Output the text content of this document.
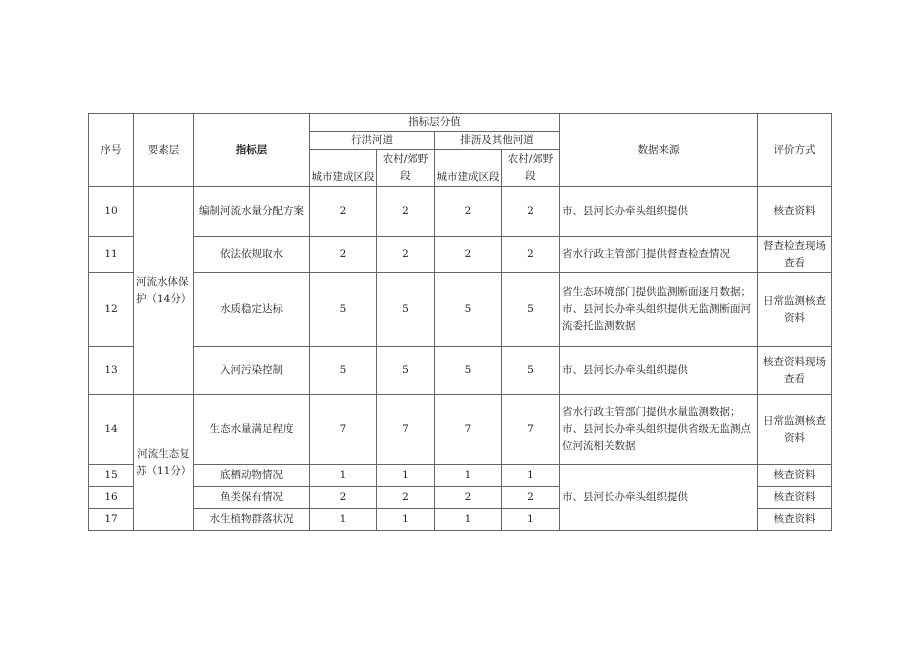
序号	要素层	指标层	指标层分值				数据来源	评价方式
			行洪河道		排沥及其他河道			
			城市建成区段	农村/郊野段	城市建成区段	农村/郊野段		
10	河流水体保护（14分）	编制河流水量分配方案	2	2	2	2	市、县河长办牵头组织提供	核查资料
11		依法依规取水	2	2	2	2	省水行政主管部门提供督查检查情况	督查检查现场查看
12		水质稳定达标	5	5	5	5	省生态环境部门提供监测断面逐月数据；市、县河长办牵头组织提供无监测断面河流委托监测数据	日常监测核查资料
13		入河污染控制	5	5	5	5	市、县河长办牵头组织提供	核查资料现场查看
14	河流生态复苏（11分）	生态水量满足程度	7	7	7	7	省水行政主管部门提供水量监测数据；市、县河长办牵头组织提供省级无监测点位河流相关数据	日常监测核查资料
15		底栖动物情况	1	1	1	1	市、县河长办牵头组织提供	核查资料
16		鱼类保有情况	2	2	2	2		核查资料
17		水生植物群落状况	1	1	1	1		核查资料
